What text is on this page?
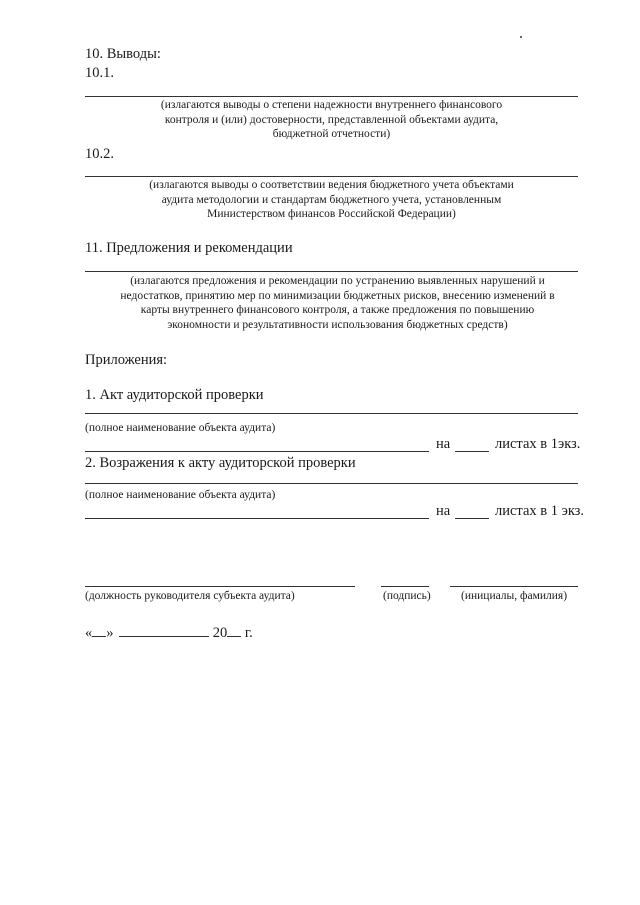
10. Выводы:
10.1.
(излагаются выводы о степени надежности внутреннего финансового
контроля и (или) достоверности, представленной объектами аудита,
бюджетной отчетности)
10.2.
(излагаются выводы о соответствии ведения бюджетного учета объектами
аудита методологии и стандартам бюджетного учета, установленным
Министерством финансов Российской Федерации)
11. Предложения и рекомендации
(излагаются предложения и рекомендации по устранению выявленных нарушений и
недостатков, принятию мер по минимизации бюджетных рисков, внесению изменений в
карты внутреннего финансового контроля, а также предложения по повышению
экономности и результативности использования бюджетных средств)
Приложения:
1. Акт аудиторской проверки
(полное наименование объекта аудита)
на	листах в 1экз.
2. Возражения к акту аудиторской проверки
(полное наименование объекта аудита)
на	листах в 1 экз.
(должность руководителя субъекта аудита)	(подпись)	(инициалы, фамилия)
« »	20 г.
